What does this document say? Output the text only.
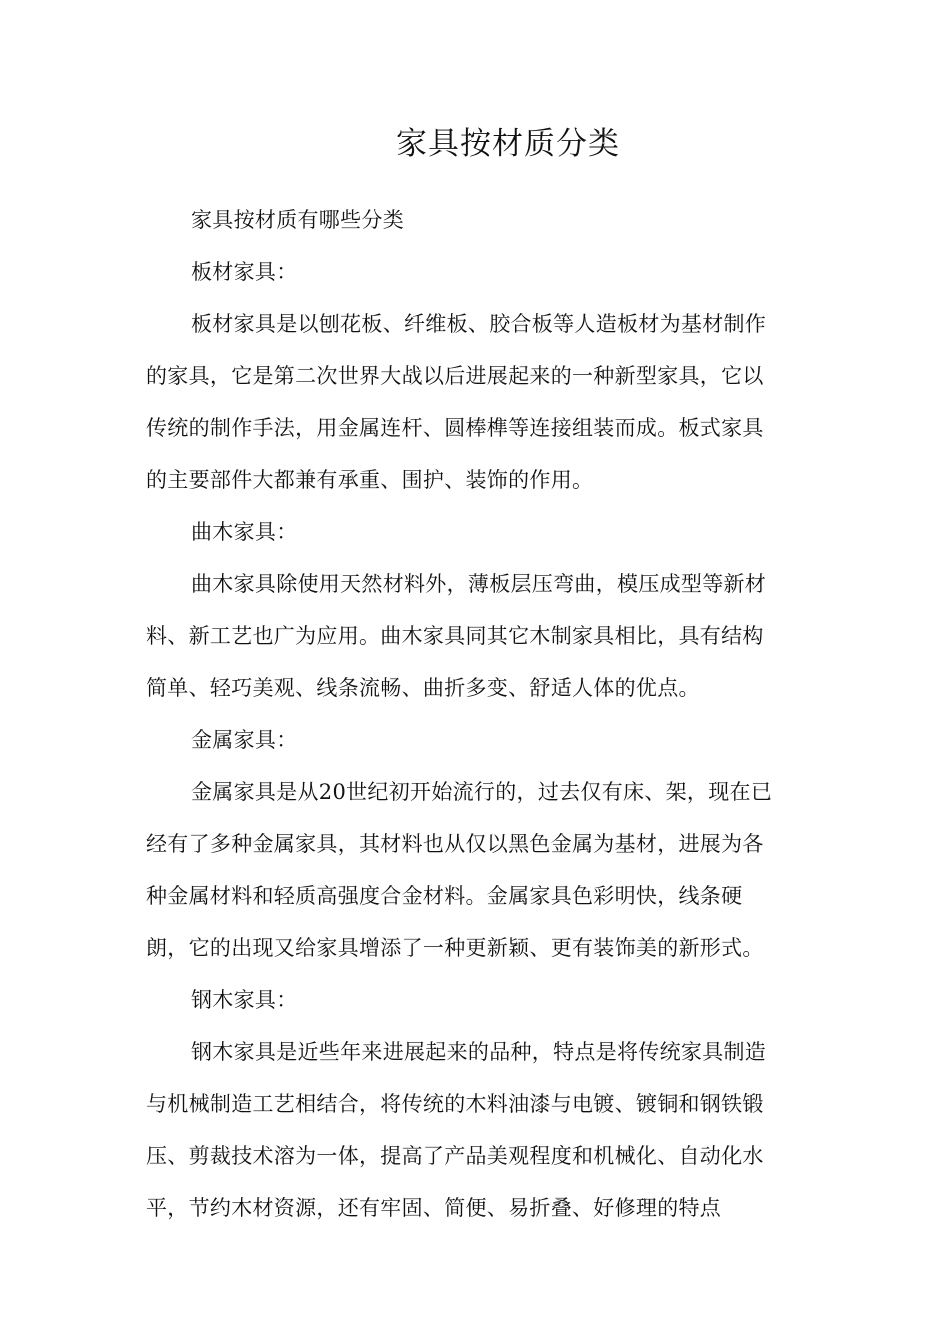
家具按材质分类
家具按材质有哪些分类
板材家具：
板材家具是以刨花板、纤维板、胶合板等人造板材为基材制作
的家具，它是第二次世界大战以后进展起来的一种新型家具，它以
传统的制作手法，用金属连杆、圆棒榫等连接组装而成。板式家具
的主要部件大都兼有承重、围护、装饰的作用。
曲木家具：
曲木家具除使用天然材料外，薄板层压弯曲，模压成型等新材
料、新工艺也广为应用。曲木家具同其它木制家具相比，具有结构
简单、轻巧美观、线条流畅、曲折多变、舒适人体的优点。
金属家具：
金属家具是从20世纪初开始流行的，过去仅有床、架，现在已
经有了多种金属家具，其材料也从仅以黑色金属为基材，进展为各
种金属材料和轻质高强度合金材料。金属家具色彩明快，线条硬
朗，它的出现又给家具增添了一种更新颖、更有装饰美的新形式。
钢木家具：
钢木家具是近些年来进展起来的品种，特点是将传统家具制造
与机械制造工艺相结合，将传统的木料油漆与电镀、镀铜和钢铁锻
压、剪裁技术溶为一体，提高了产品美观程度和机械化、自动化水
平，节约木材资源，还有牢固、简便、易折叠、好修理的特点
